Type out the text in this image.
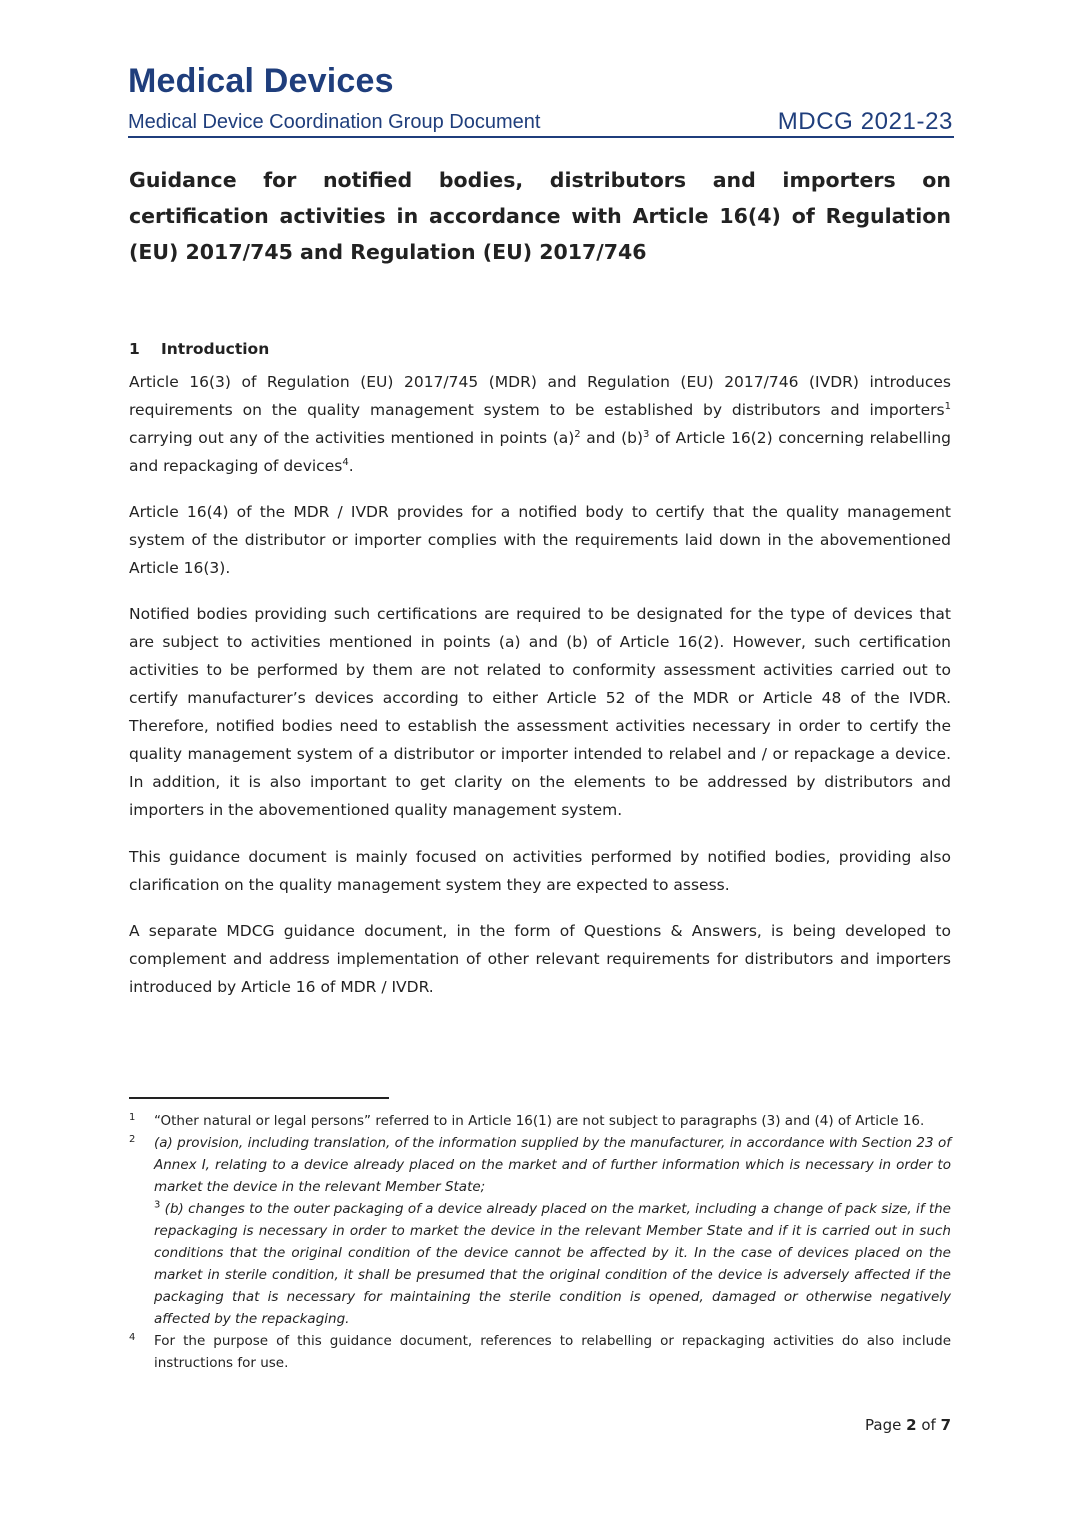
Medical Devices
Medical Device Coordination Group Document	MDCG 2021-23
Guidance for notified bodies, distributors and importers on certification activities in accordance with Article 16(4) of Regulation (EU) 2017/745 and Regulation (EU) 2017/746
1 Introduction

Article 16(3) of Regulation (EU) 2017/745 (MDR) and Regulation (EU) 2017/746 (IVDR) introduces requirements on the quality management system to be established by distributors and importers$^1$ carrying out any of the activities mentioned in points $(a)^2$ and $(b)^3$ of Article 16(2) concerning relabelling and repackaging of devices$^4$.

Article 16(4) of the MDR / IVDR provides for a notified body to certify that the quality management system of the distributor or importer complies with the requirements laid down in the abovementioned Article 16(3).

Notified bodies providing such certifications are required to be designated for the type of devices that are subject to activities mentioned in points (a) and (b) of Article 16(2). However, such certification activities to be performed by them are not related to conformity assessment activities carried out to certify manufacturer’s devices according to either Article 52 of the MDR or Article 48 of the IVDR. Therefore, notified bodies need to establish the assessment activities necessary in order to certify the quality management system of a distributor or importer intended to relabel and / or repackage a device. In addition, it is also important to get clarity on the elements to be addressed by distributors and importers in the abovementioned quality management system.

This guidance document is mainly focused on activities performed by notified bodies, providing also clarification on the quality management system they are expected to assess.

A separate MDCG guidance document, in the form of Questions & Answers, is being developed to complement and address implementation of other relevant requirements for distributors and importers introduced by Article 16 of MDR / IVDR.

1	“Other natural or legal persons” referred to in Article 16(1) are not subject to paragraphs (3) and (4) of Article 16.
2	(a) provision, including translation, of the information supplied by the manufacturer, in accordance with Section 23 of Annex I, relating to a device already placed on the market and of further information which is necessary in order to market the device in the relevant Member State;
$^3$ (b) changes to the outer packaging of a device already placed on the market, including a change of pack size, if the repackaging is necessary in order to market the device in the relevant Member State and if it is carried out in such conditions that the original condition of the device cannot be affected by it. In the case of devices placed on the market in sterile condition, it shall be presumed that the original condition of the device is adversely affected if the packaging that is necessary for maintaining the sterile condition is opened, damaged or otherwise negatively affected by the repackaging.
4	For the purpose of this guidance document, references to relabelling or repackaging activities do also include instructions for use.
Page 2 of 7
